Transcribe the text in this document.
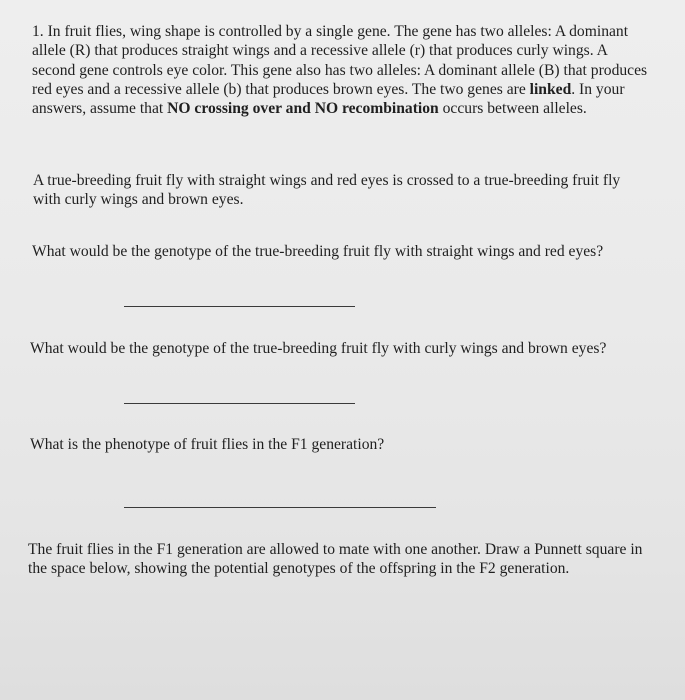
1. In fruit flies, wing shape is controlled by a single gene. The gene has two alleles: A dominant allele (R) that produces straight wings and a recessive allele (r) that produces curly wings. A second gene controls eye color. This gene also has two alleles: A dominant allele (B) that produces red eyes and a recessive allele (b) that produces brown eyes. The two genes are linked. In your answers, assume that NO crossing over and NO recombination occurs between alleles.

A true-breeding fruit fly with straight wings and red eyes is crossed to a true-breeding fruit fly with curly wings and brown eyes.

What would be the genotype of the true-breeding fruit fly with straight wings and red eyes?

What would be the genotype of the true-breeding fruit fly with curly wings and brown eyes?

What is the phenotype of fruit flies in the F1 generation?

The fruit flies in the F1 generation are allowed to mate with one another. Draw a Punnett square in the space below, showing the potential genotypes of the offspring in the F2 generation.
